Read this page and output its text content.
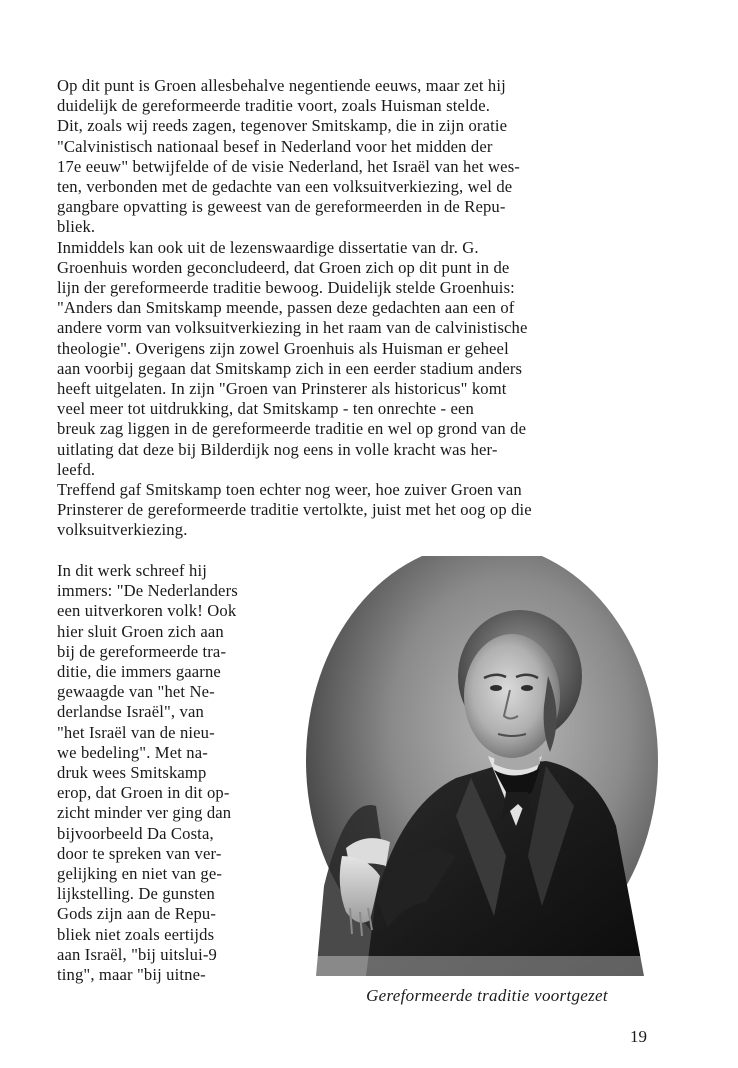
Op dit punt is Groen allesbehalve negentiende eeuws, maar zet hij
duidelijk de gereformeerde traditie voort, zoals Huisman stelde.
Dit, zoals wij reeds zagen, tegenover Smitskamp, die in zijn oratie
"Calvinistisch nationaal besef in Nederland voor het midden der
17e eeuw" betwijfelde of de visie Nederland, het Israël van het wes-
ten, verbonden met de gedachte van een volksuitverkiezing, wel de
gangbare opvatting is geweest van de gereformeerden in de Repu-
bliek.
Inmiddels kan ook uit de lezenswaardige dissertatie van dr. G.
Groenhuis worden geconcludeerd, dat Groen zich op dit punt in de
lijn der gereformeerde traditie bewoog. Duidelijk stelde Groenhuis:
"Anders dan Smitskamp meende, passen deze gedachten aan een of
andere vorm van volksuitverkiezing in het raam van de calvinistische
theologie". Overigens zijn zowel Groenhuis als Huisman er geheel
aan voorbij gegaan dat Smitskamp zich in een eerder stadium anders
heeft uitgelaten. In zijn "Groen van Prinsterer als historicus" komt
veel meer tot uitdrukking, dat Smitskamp - ten onrechte - een
breuk zag liggen in de gereformeerde traditie en wel op grond van de
uitlating dat deze bij Bilderdijk nog eens in volle kracht was her-
leefd.
Treffend gaf Smitskamp toen echter nog weer, hoe zuiver Groen van
Prinsterer de gereformeerde traditie vertolkte, juist met het oog op die
volksuitverkiezing.
In dit werk schreef hij
immers: "De Nederlanders
een uitverkoren volk! Ook
hier sluit Groen zich aan
bij de gereformeerde tra-
ditie, die immers gaarne
gewaagde van "het Ne-
derlandse Israël", van
"het Israël van de nieu-
we bedeling". Met na-
druk wees Smitskamp
erop, dat Groen in dit op-
zicht minder ver ging dan
bijvoorbeeld Da Costa,
door te spreken van ver-
gelijking en niet van ge-
lijkstelling. De gunsten
Gods zijn aan de Repu-
bliek niet zoals eertijds
aan Israël, "bij uitslui-9
ting", maar "bij uitne-
Gereformeerde traditie voortgezet
19
